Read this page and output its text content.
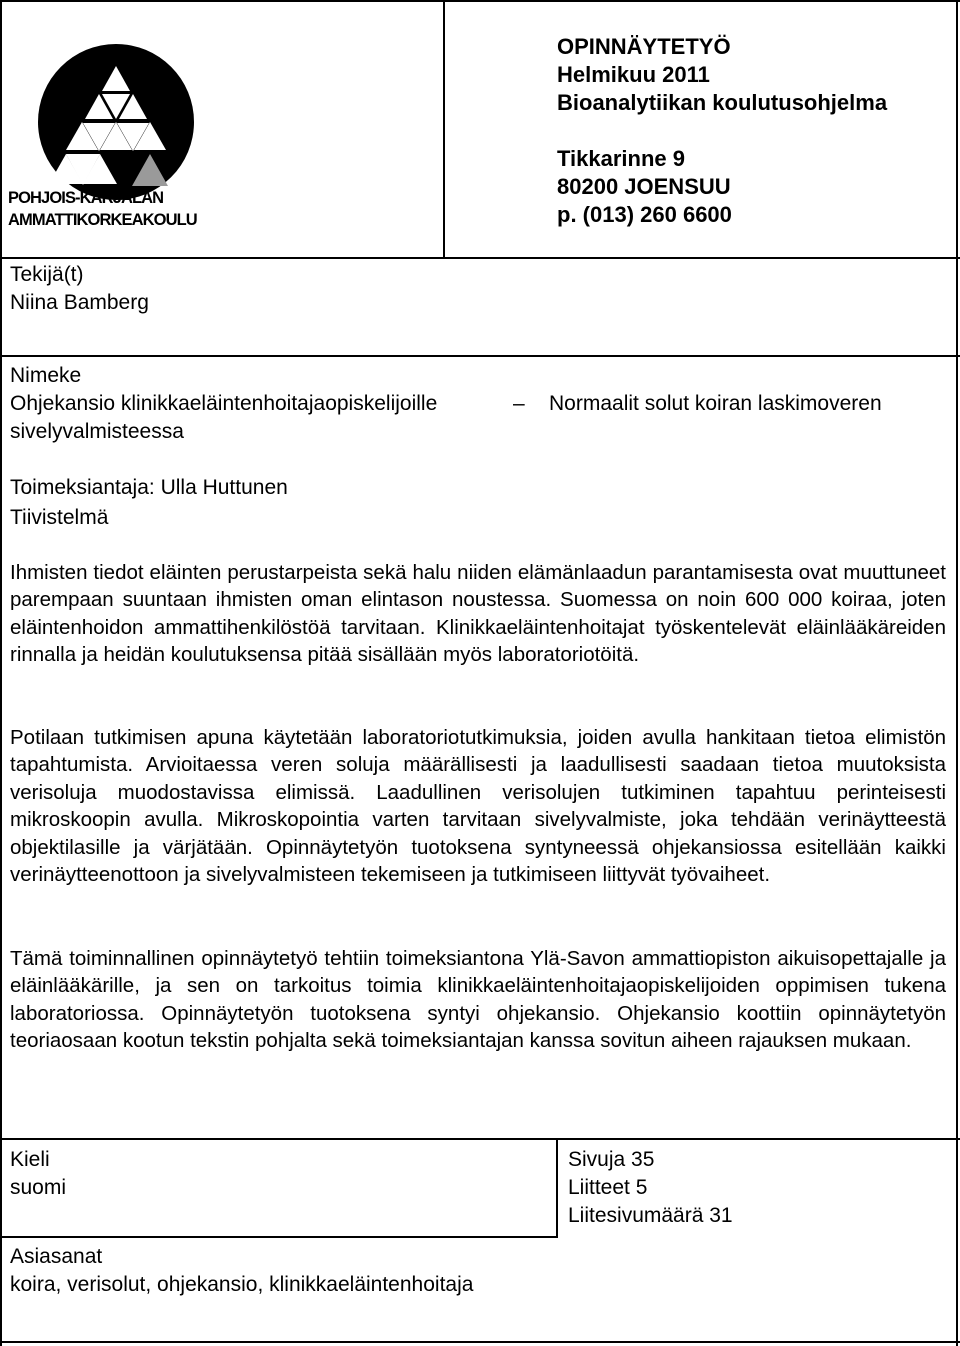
POHJOIS-KARJALAN
AMMATTIKORKEAKOULU
OPINNÄYTETYÖ
Helmikuu 2011
Bioanalytiikan koulutusohjelma
Tikkarinne 9
80200 JOENSUU
p. (013) 260 6600
Tekijä(t)
Niina Bamberg
Nimeke
Ohjekansio klinikkaeläintenhoitajaopiskelijoille	– Normaalit solut koiran laskimoveren
sivelyvalmisteessa
Toimeksiantaja: Ulla Huttunen
Tiivistelmä
Ihmisten tiedot eläinten perustarpeista sekä halu niiden elämänlaadun parantamisesta ovat muuttuneet parempaan suuntaan ihmisten oman elintason noustessa. Suomessa on noin 600 000 koiraa, joten eläintenhoidon ammattihenkilöstöä tarvitaan. Klinikkaeläintenhoitajat työskentelevät eläinlääkäreiden rinnalla ja heidän koulutuksensa pitää sisällään myös laboratoriotöitä.
Potilaan tutkimisen apuna käytetään laboratoriotutkimuksia, joiden avulla hankitaan tietoa elimistön tapahtumista. Arvioitaessa veren soluja määrällisesti ja laadullisesti saadaan tietoa muutoksista verisoluja muodostavissa elimissä. Laadullinen verisolujen tutkiminen tapahtuu perinteisesti mikroskoopin avulla. Mikroskopointia varten tarvitaan sivelyvalmiste, joka tehdään verinäytteestä objektilasille ja värjätään. Opinnäytetyön tuotoksena syntyneessä ohjekansiossa esitellään kaikki verinäytteenottoon ja sivelyvalmisteen tekemiseen ja tutkimiseen liittyvät työvaiheet.
Tämä toiminnallinen opinnäytetyö tehtiin toimeksiantona Ylä-Savon ammattiopiston aikuisopettajalle ja eläinlääkärille, ja sen on tarkoitus toimia klinikkaeläintenhoitajaopiskelijoiden oppimisen tukena laboratoriossa. Opinnäytetyön tuotoksena syntyi ohjekansio. Ohjekansio koottiin opinnäytetyön teoriaosaan kootun tekstin pohjalta sekä toimeksiantajan kanssa sovitun aiheen rajauksen mukaan.
Kieli
suomi
Sivuja 35
Liitteet 5
Liitesivumäärä 31
Asiasanat
koira, verisolut, ohjekansio, klinikkaeläintenhoitaja
